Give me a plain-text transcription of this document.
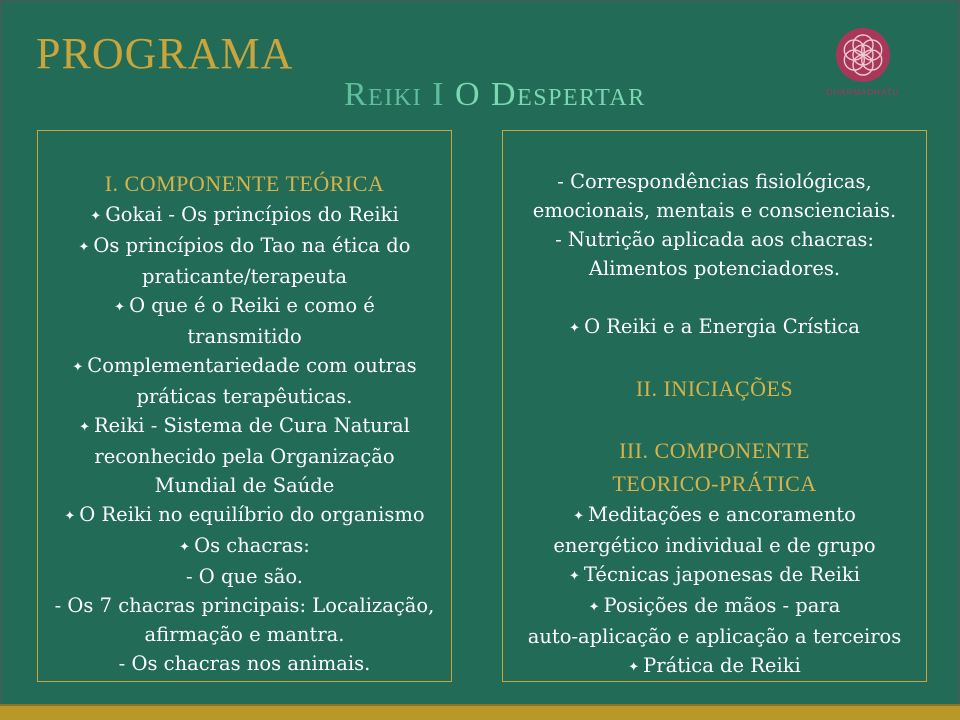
PROGRAMA
Reiki I O Despertar	DHARMADHATU
I. COMPONENTE TEÓRICA
✦ Gokai - Os princípios do Reiki
✦ Os princípios do Tao na ética do
praticante/terapeuta
✦ O que é o Reiki e como é
transmitido
✦ Complementariedade com outras
práticas terapêuticas.
✦ Reiki - Sistema de Cura Natural
reconhecido pela Organização
Mundial de Saúde
✦ O Reiki no equilíbrio do organismo
✦ Os chacras:
- O que são.
- Os 7 chacras principais: Localização,
afirmação e mantra.
- Os chacras nos animais.
- Correspondências fisiológicas,
emocionais, mentais e conscienciais.
- Nutrição aplicada aos chacras:
Alimentos potenciadores.
✦ O Reiki e a Energia Crística
II. INICIAÇÕES
III. COMPONENTE
TEORICO-PRÁTICA
✦ Meditações e ancoramento
energético individual e de grupo
✦ Técnicas japonesas de Reiki
✦ Posições de mãos - para
auto-aplicação e aplicação a terceiros
✦ Prática de Reiki
